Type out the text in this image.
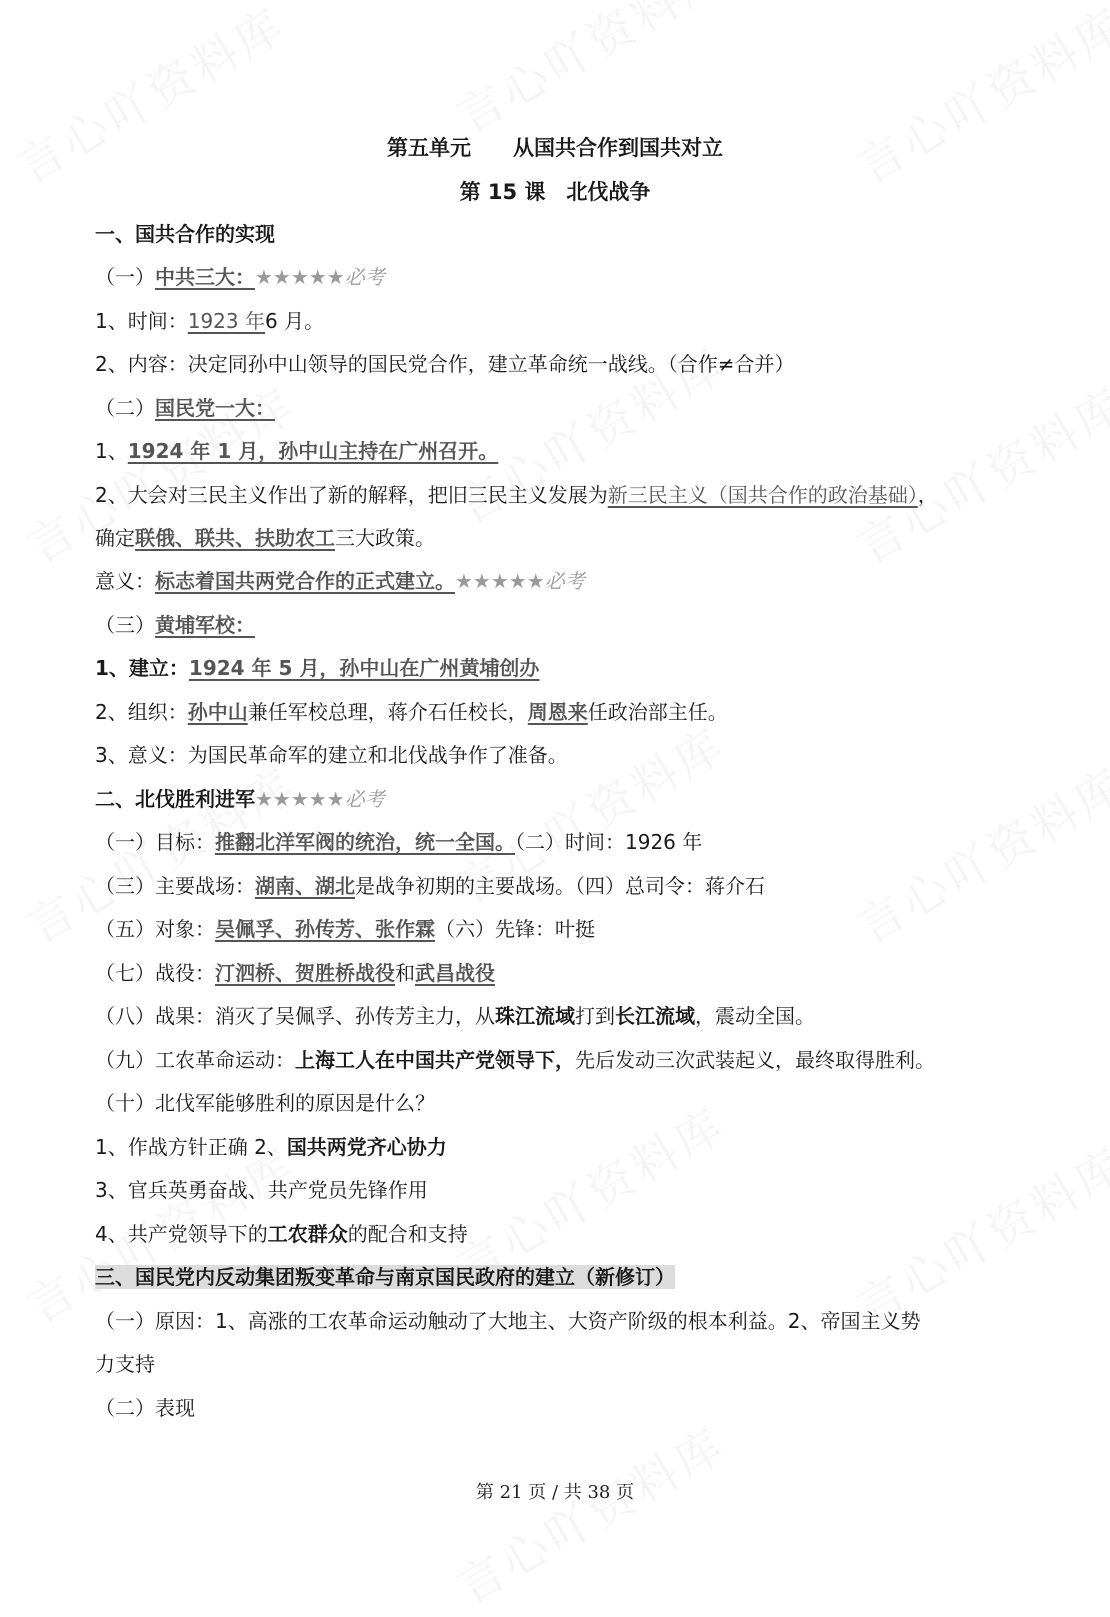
第五单元　　从国共合作到国共对立
第 15 课　北伐战争
一、国共合作的实现
（一）中共三大：★★★★★必考
1、时间：1923 年6 月。
2、内容：决定同孙中山领导的国民党合作，建立革命统一战线。（合作≠合并）
（二）国民党一大：
1、1924 年 1 月，孙中山主持在广州召开。
2、大会对三民主义作出了新的解释，把旧三民主义发展为新三民主义（国共合作的政治基础），
确定联俄、联共、扶助农工三大政策。
意义：标志着国共两党合作的正式建立。★★★★★必考
（三）黄埔军校：
1、建立：1924 年 5 月，孙中山在广州黄埔创办
2、组织：孙中山兼任军校总理，蒋介石任校长，周恩来任政治部主任。
3、意义：为国民革命军的建立和北伐战争作了准备。
二、北伐胜利进军★★★★★必考
（一）目标：推翻北洋军阀的统治，统一全国。（二）时间：1926 年
（三）主要战场：湖南、湖北是战争初期的主要战场。（四）总司令：蒋介石
（五）对象：吴佩孚、孙传芳、张作霖（六）先锋：叶挺
（七）战役：汀泗桥、贺胜桥战役和武昌战役
（八）战果：消灭了吴佩孚、孙传芳主力，从珠江流域打到长江流域，震动全国。
（九）工农革命运动：上海工人在中国共产党领导下，先后发动三次武装起义，最终取得胜利。
（十）北伐军能够胜利的原因是什么？
1、作战方针正确 2、国共两党齐心协力
3、官兵英勇奋战、共产党员先锋作用
4、共产党领导下的工农群众的配合和支持
三、国民党内反动集团叛变革命与南京国民政府的建立（新修订）
（一）原因：1、高涨的工农革命运动触动了大地主、大资产阶级的根本利益。2、帝国主义势
力支持
（二）表现
第 21 页 / 共 38 页
